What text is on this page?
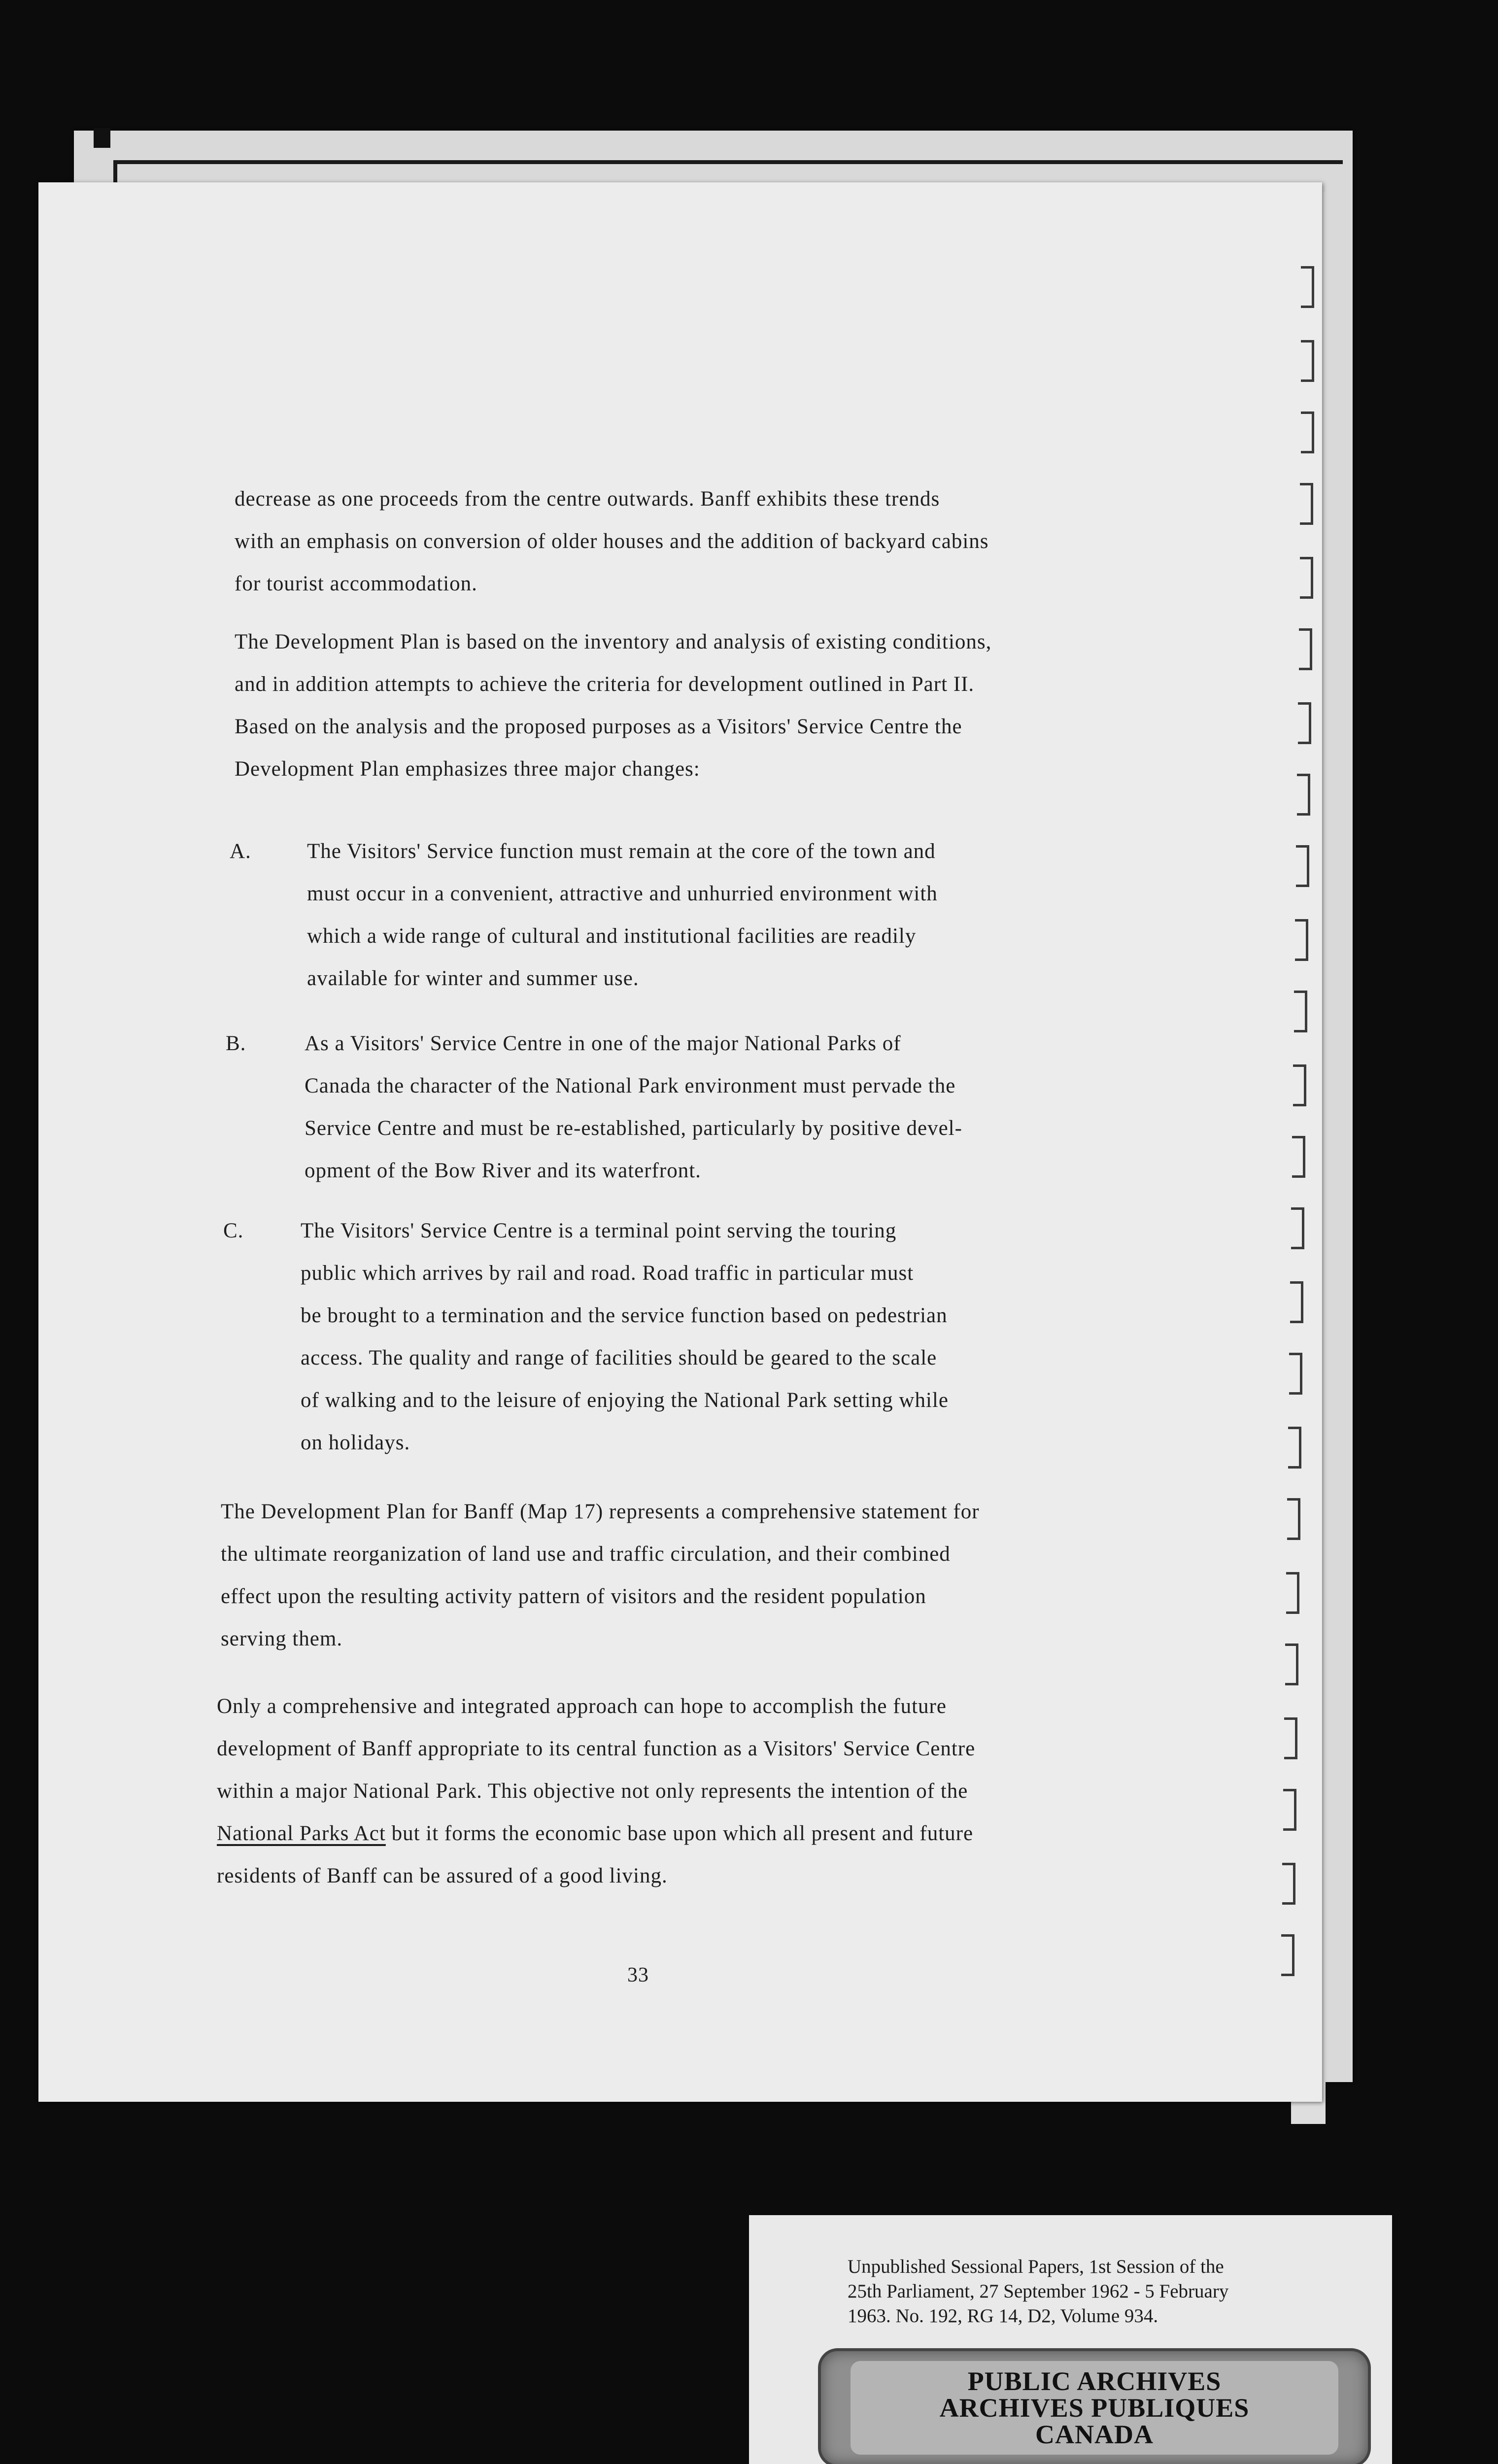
decrease as one proceeds from the centre outwards. Banff exhibits these trends
with an emphasis on conversion of older houses and the addition of backyard cabins
for tourist accommodation.

The Development Plan is based on the inventory and analysis of existing conditions,
and in addition attempts to achieve the criteria for development outlined in Part II.
Based on the analysis and the proposed purposes as a Visitors' Service Centre the
Development Plan emphasizes three major changes:

A.	The Visitors' Service function must remain at the core of the town and
must occur in a convenient, attractive and unhurried environment with
which a wide range of cultural and institutional facilities are readily
available for winter and summer use.

B.	As a Visitors' Service Centre in one of the major National Parks of
Canada the character of the National Park environment must pervade the
Service Centre and must be re-established, particularly by positive devel-
opment of the Bow River and its waterfront.

C.	The Visitors' Service Centre is a terminal point serving the touring
public which arrives by rail and road. Road traffic in particular must
be brought to a termination and the service function based on pedestrian
access. The quality and range of facilities should be geared to the scale
of walking and to the leisure of enjoying the National Park setting while
on holidays.

The Development Plan for Banff (Map 17) represents a comprehensive statement for
the ultimate reorganization of land use and traffic circulation, and their combined
effect upon the resulting activity pattern of visitors and the resident population
serving them.

Only a comprehensive and integrated approach can hope to accomplish the future
development of Banff appropriate to its central function as a Visitors' Service Centre
within a major National Park. This objective not only represents the intention of the

National Parks Act but it forms the economic base upon which all present and future

residents of Banff can be assured of a good living.

33

Unpublished Sessional Papers, 1st Session of the
25th Parliament, 27 September 1962 - 5 February
1963. No. 192, RG 14, D2, Volume 934.

PUBLIC ARCHIVES
ARCHIVES PUBLIQUES
CANADA
